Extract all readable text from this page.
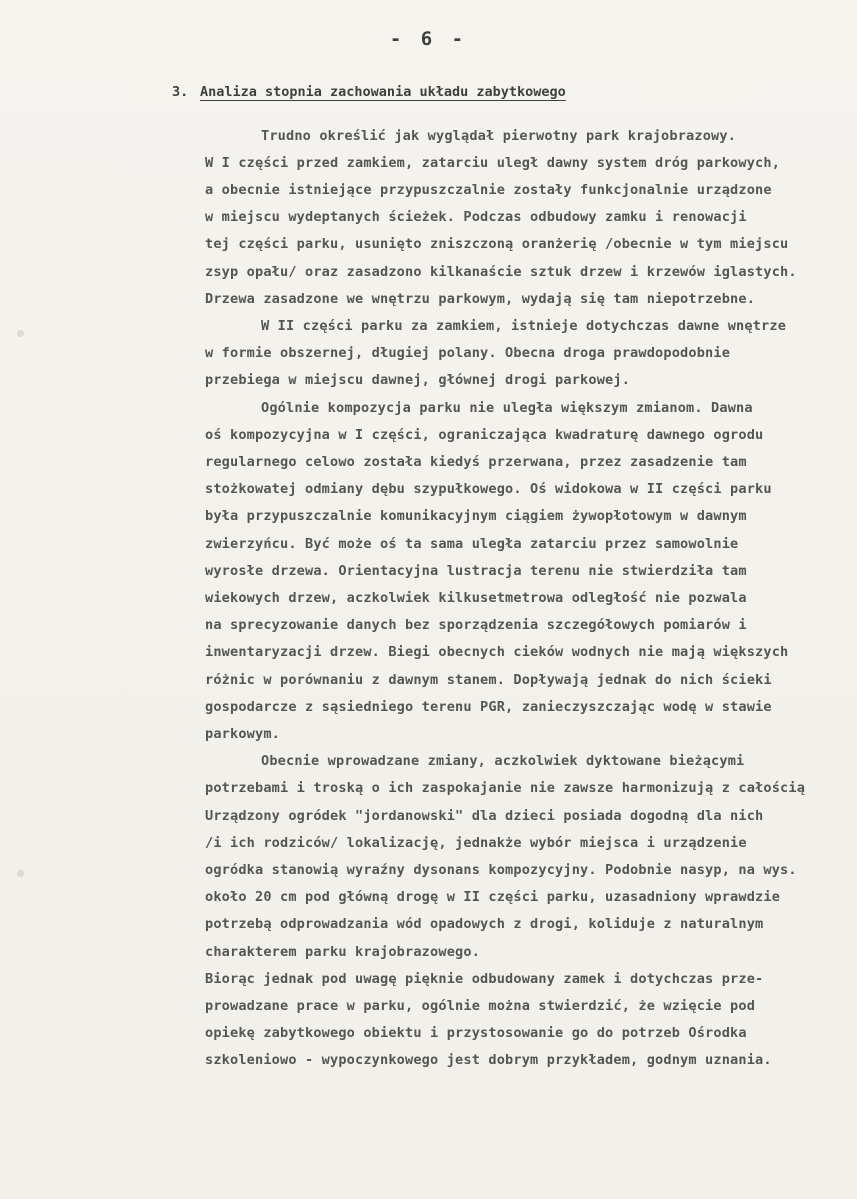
- 6 -
3. Analiza stopnia zachowania układu zabytkowego
Trudno określić jak wyglądał pierwotny park krajobrazowy.
W I części przed zamkiem, zatarciu uległ dawny system dróg parkowych,
a obecnie istniejące przypuszczalnie zostały funkcjonalnie urządzone
w miejscu wydeptanych ścieżek. Podczas odbudowy zamku i renowacji
tej części parku, usunięto zniszczoną oranżerię /obecnie w tym miejscu
zsyp opału/ oraz zasadzono kilkanaście sztuk drzew i krzewów iglastych.
Drzewa zasadzone we wnętrzu parkowym, wydają się tam niepotrzebne.
W II części parku za zamkiem, istnieje dotychczas dawne wnętrze
w formie obszernej, długiej polany. Obecna droga prawdopodobnie
przebiega w miejscu dawnej, głównej drogi parkowej.
Ogólnie kompozycja parku nie uległa większym zmianom. Dawna
oś kompozycyjna w I części, ograniczająca kwadraturę dawnego ogrodu
regularnego celowo została kiedyś przerwana, przez zasadzenie tam
stożkowatej odmiany dębu szypułkowego. Oś widokowa w II części parku
była przypuszczalnie komunikacyjnym ciągiem żywopłotowym w dawnym
zwierzyńcu. Być może oś ta sama uległa zatarciu przez samowolnie
wyrosłe drzewa. Orientacyjna lustracja terenu nie stwierdziła tam
wiekowych drzew, aczkolwiek kilkusetmetrowa odległość nie pozwala
na sprecyzowanie danych bez sporządzenia szczegółowych pomiarów i
inwentaryzacji drzew. Biegi obecnych cieków wodnych nie mają większych
różnic w porównaniu z dawnym stanem. Dopływają jednak do nich ścieki
gospodarcze z sąsiedniego terenu PGR, zanieczyszczając wodę w stawie
parkowym.
Obecnie wprowadzane zmiany, aczkolwiek dyktowane bieżącymi
potrzebami i troską o ich zaspokajanie nie zawsze harmonizują z całością
Urządzony ogródek "jordanowski" dla dzieci posiada dogodną dla nich
/i ich rodziców/ lokalizację, jednakże wybór miejsca i urządzenie
ogródka stanowią wyraźny dysonans kompozycyjny. Podobnie nasyp, na wys.
około 20 cm pod główną drogę w II części parku, uzasadniony wprawdzie
potrzebą odprowadzania wód opadowych z drogi, koliduje z naturalnym
charakterem parku krajobrazowego.
Biorąc jednak pod uwagę pięknie odbudowany zamek i dotychczas prze-
prowadzane prace w parku, ogólnie można stwierdzić, że wzięcie pod
opiekę zabytkowego obiektu i przystosowanie go do potrzeb Ośrodka
szkoleniowo - wypoczynkowego jest dobrym przykładem, godnym uznania.
